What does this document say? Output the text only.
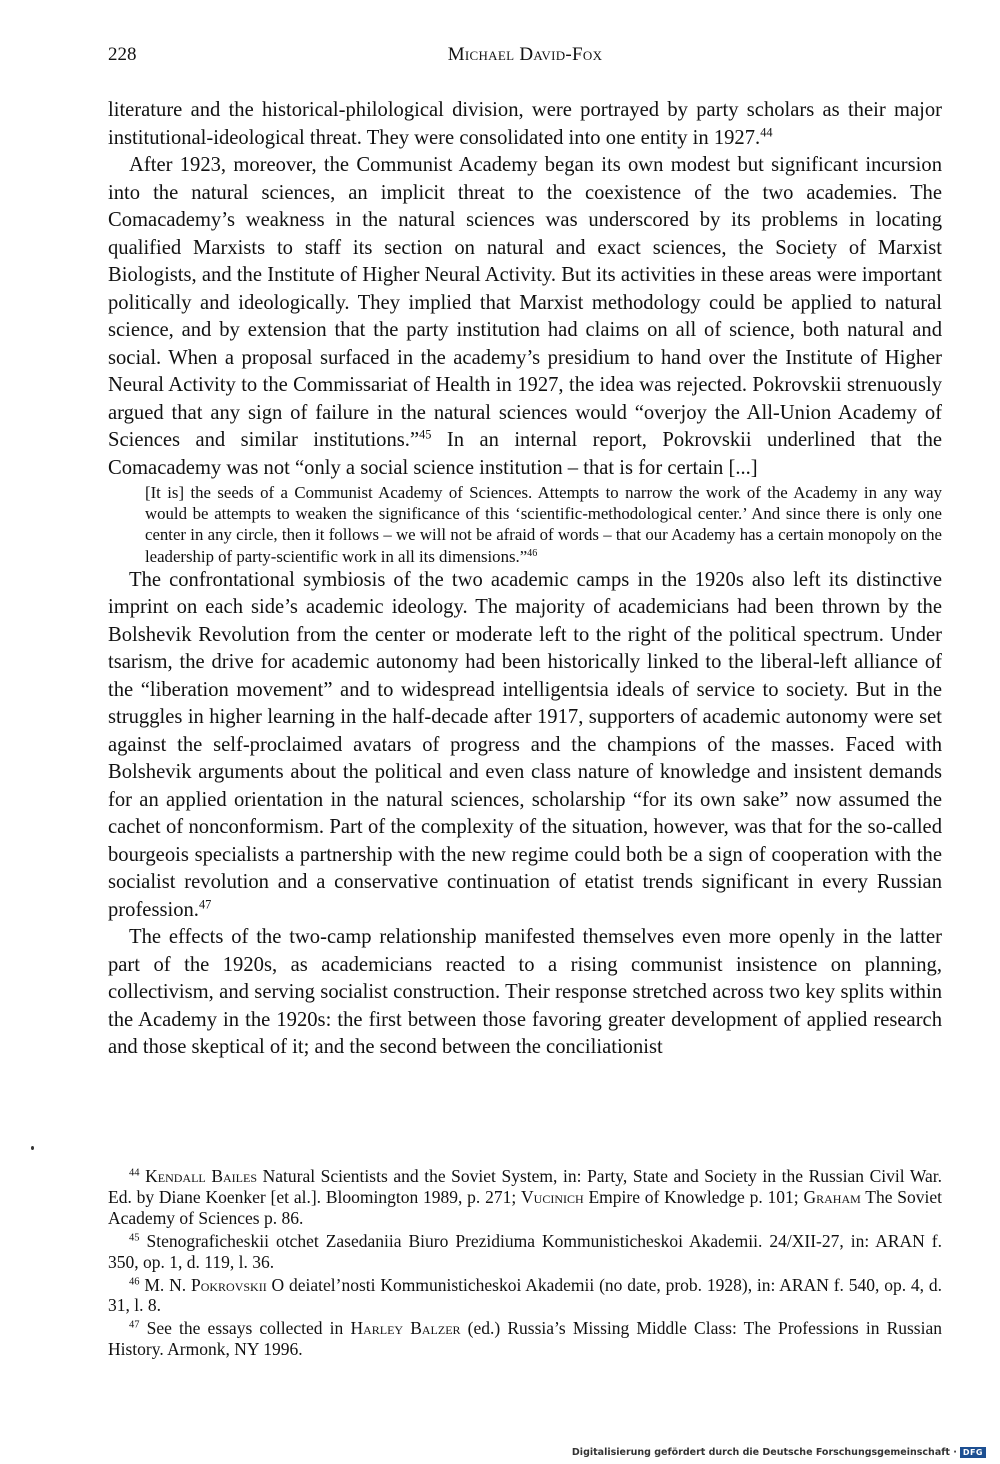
228	Michael David-Fox

literature and the historical-philological division, were portrayed by party scholars as their major institutional-ideological threat. They were consolidated into one entity in 1927.44

After 1923, moreover, the Communist Academy began its own modest but significant incursion into the natural sciences, an implicit threat to the coexistence of the two academies. The Comacademy’s weakness in the natural sciences was underscored by its problems in locating qualified Marxists to staff its section on natural and exact sciences, the Society of Marxist Biologists, and the Institute of Higher Neural Activity. But its activities in these areas were important politically and ideologically. They implied that Marxist methodology could be applied to natural science, and by extension that the party institution had claims on all of science, both natural and social. When a proposal surfaced in the academy’s presidium to hand over the Institute of Higher Neural Activity to the Commissariat of Health in 1927, the idea was rejected. Pokrovskii strenuously argued that any sign of failure in the natural sciences would “overjoy the All-Union Academy of Sciences and similar institutions.”$^{45}$ In an internal report, Pokrovskii underlined that the Comacademy was not “only a social science institution – that is for certain [...]

[It is] the seeds of a Communist Academy of Sciences. Attempts to narrow the work of the Academy in any way would be attempts to weaken the significance of this ‘scientific-methodological center.’ And since there is only one center in any circle, then it follows – we will not be afraid of words – that our Academy has a certain monopoly on the leadership of party-scientific work in all its dimensions.”$^{46}$

The confrontational symbiosis of the two academic camps in the 1920s also left its distinctive imprint on each side’s academic ideology. The majority of academicians had been thrown by the Bolshevik Revolution from the center or moderate left to the right of the political spectrum. Under tsarism, the drive for academic autonomy had been historically linked to the liberal-left alliance of the “liberation movement” and to widespread intelligentsia ideals of service to society. But in the struggles in higher learning in the half-decade after 1917, supporters of academic autonomy were set against the self-proclaimed avatars of progress and the champions of the masses. Faced with Bolshevik arguments about the political and even class nature of knowledge and insistent demands for an applied orientation in the natural sciences, scholarship “for its own sake” now assumed the cachet of nonconformism. Part of the complexity of the situation, however, was that for the so-called bourgeois specialists a partnership with the new regime could both be a sign of cooperation with the socialist revolution and a conservative continuation of etatist trends significant in every Russian profession.$^{47}$

The effects of the two-camp relationship manifested themselves even more openly in the latter part of the 1920s, as academicians reacted to a rising communist insistence on planning, collectivism, and serving socialist construction. Their response stretched across two key splits within the Academy in the 1920s: the first between those favoring greater development of applied research and those skeptical of it; and the second between the conciliationist

$^{44}$ Kendall Bailes Natural Scientists and the Soviet System, in: Party, State and Society in the Russian Civil War. Ed. by Diane Koenker [et al.]. Bloomington 1989, p. 271; Vucinich Empire of Knowledge p. 101; Graham The Soviet Academy of Sciences p. 86.

$^{45}$ Stenograficheskii otchet Zasedaniia Biuro Prezidiuma Kommunisticheskoi Akademii. 24/XII-27, in: ARAN f. 350, op. 1, d. 119, l. 36.

$^{46}$ M. N. Pokrovskii O deiatel’nosti Kommunisticheskoi Akademii (no date, prob. 1928), in: ARAN f. 540, op. 4, d. 31, l. 8.

$^{47}$ See the essays collected in Harley Balzer (ed.) Russia’s Missing Middle Class: The Professions in Russian History. Armonk, NY 1996.

Digitalisierung gefördert durch die Deutsche Forschungsgemeinschaft · DFG
